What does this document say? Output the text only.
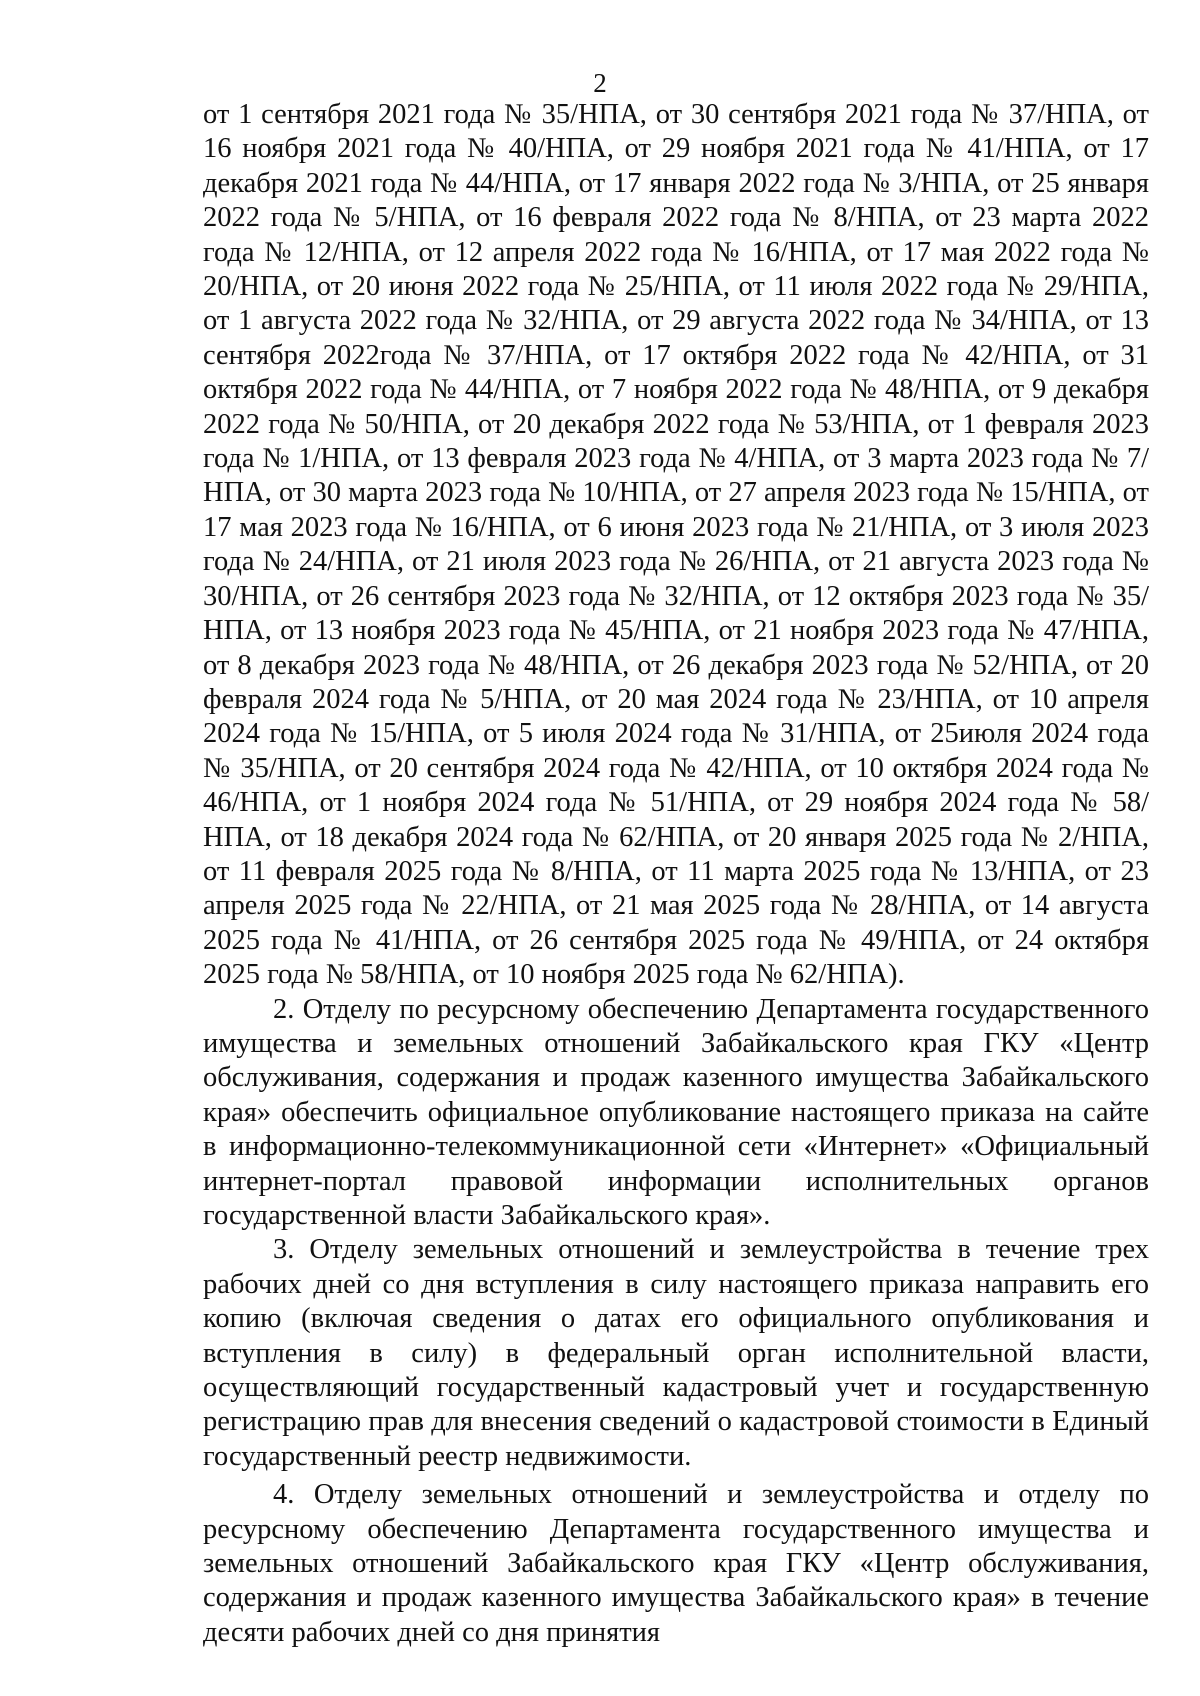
2

от 1 сентября 2021 года № 35/НПА, от 30 сентября 2021 года № 37/НПА, от 16 ноября 2021 года № 40/НПА, от 29 ноября 2021 года № 41/НПА, от 17 декабря 2021 года № 44/НПА, от 17 января 2022 года № 3/НПА, от 25 января 2022 года № 5/НПА, от 16 февраля 2022 года № 8/НПА, от 23 марта 2022 года № 12/НПА, от 12 апреля 2022 года № 16/НПА, от 17 мая 2022 года № 20/НПА, от 20 июня 2022 года № 25/НПА, от 11 июля 2022 года № 29/НПА, от 1 августа 2022 года № 32/НПА, от 29 августа 2022 года № 34/НПА, от 13 сентября 2022года № 37/НПА, от 17 октября 2022 года № 42/НПА, от 31 октября 2022 года № 44/НПА, от 7 ноября 2022 года № 48/НПА, от 9 декабря 2022 года № 50/НПА, от 20 декабря 2022 года № 53/НПА, от 1 февраля 2023 года № 1/НПА, от 13 февраля 2023 года № 4/НПА, от 3 марта 2023 года № 7/НПА, от 30 марта 2023 года № 10/НПА, от 27 апреля 2023 года № 15/НПА, от 17 мая 2023 года № 16/НПА, от 6 июня 2023 года № 21/НПА, от 3 июля 2023 года № 24/НПА, от 21 июля 2023 года № 26/НПА, от 21 августа 2023 года № 30/НПА, от 26 сентября 2023 года № 32/НПА, от 12 октября 2023 года № 35/НПА, от 13 ноября 2023 года № 45/НПА, от 21 ноября 2023 года № 47/НПА, от 8 декабря 2023 года № 48/НПА, от 26 декабря 2023 года № 52/НПА, от 20 февраля 2024 года № 5/НПА, от 20 мая 2024 года № 23/НПА, от 10 апреля 2024 года № 15/НПА, от 5 июля 2024 года № 31/НПА, от 25июля 2024 года № 35/НПА, от 20 сентября 2024 года № 42/НПА, от 10 октября 2024 года № 46/НПА, от 1 ноября 2024 года № 51/НПА, от 29 ноября 2024 года № 58/НПА, от 18 декабря 2024 года № 62/НПА, от 20 января 2025 года № 2/НПА, от 11 февраля 2025 года № 8/НПА, от 11 марта 2025 года № 13/НПА, от 23 апреля 2025 года № 22/НПА, от 21 мая 2025 года № 28/НПА, от 14 августа 2025 года № 41/НПА, от 26 сентября 2025 года № 49/НПА, от 24 октября 2025 года № 58/НПА, от 10 ноября 2025 года № 62/НПА).

2. Отделу по ресурсному обеспечению Департамента государственного имущества и земельных отношений Забайкальского края ГКУ «Центр обслуживания, содержания и продаж казенного имущества Забайкальского края» обеспечить официальное опубликование настоящего приказа на сайте в информационно-телекоммуникационной сети «Интернет» «Официальный интернет-портал правовой информации исполнительных органов государственной власти Забайкальского края».

3. Отделу земельных отношений и землеустройства в течение трех рабочих дней со дня вступления в силу настоящего приказа направить его копию (включая сведения о датах его официального опубликования и вступления в силу) в федеральный орган исполнительной власти, осуществляющий государственный кадастровый учет и государственную регистрацию прав для внесения сведений о кадастровой стоимости в Единый государственный реестр недвижимости.

4. Отделу земельных отношений и землеустройства и отделу по ресурсному обеспечению Департамента государственного имущества и земельных отношений Забайкальского края ГКУ «Центр обслуживания, содержания и продаж казенного имущества Забайкальского края» в течение десяти рабочих дней со дня принятия
